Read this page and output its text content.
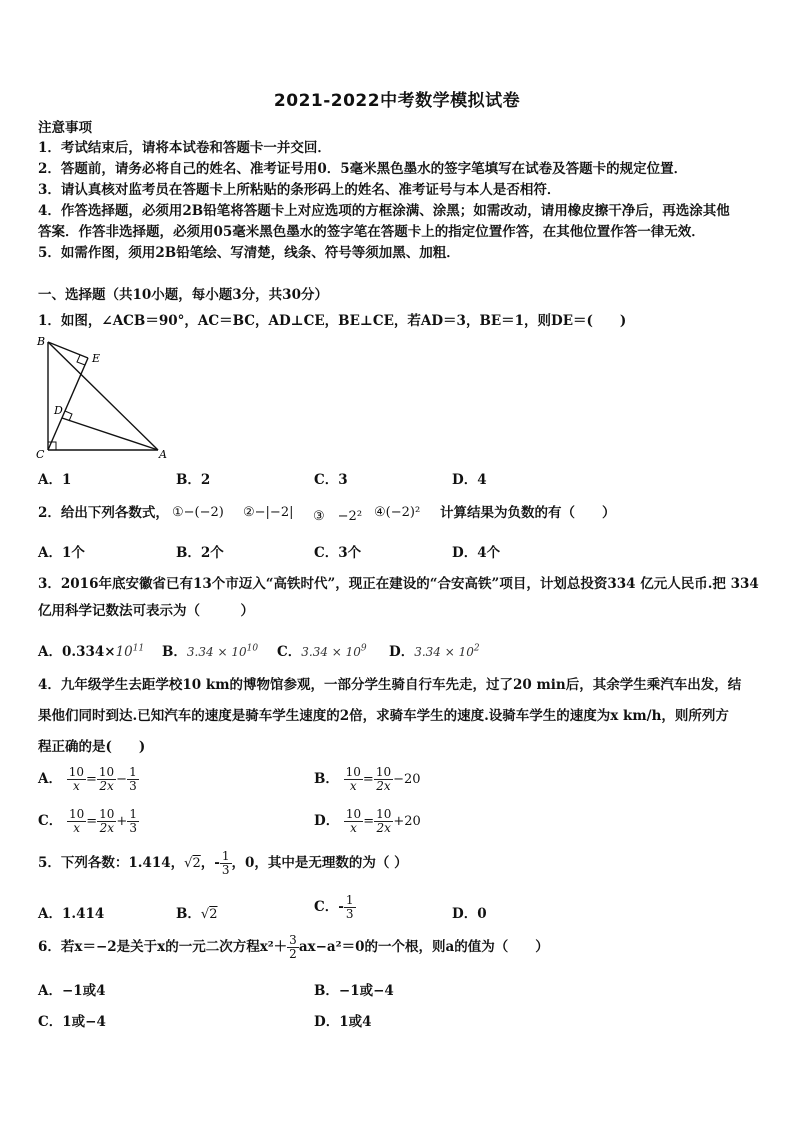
2021-2022中考数学模拟试卷
注意事项
1．考试结束后，请将本试卷和答题卡一并交回．
2．答题前，请务必将自己的姓名、准考证号用0．5毫米黑色墨水的签字笔填写在试卷及答题卡的规定位置．
3．请认真核对监考员在答题卡上所粘贴的条形码上的姓名、准考证号与本人是否相符．
4．作答选择题，必须用2B铅笔将答题卡上对应选项的方框涂满、涂黑；如需改动，请用橡皮擦干净后，再选涂其他
答案．作答非选择题，必须用05毫米黑色墨水的签字笔在答题卡上的指定位置作答，在其他位置作答一律无效．
5．如需作图，须用2B铅笔绘、写清楚，线条、符号等须加黑、加粗．
一、选择题（共10小题，每小题3分，共30分）
1．如图，∠ACB＝90°，AC＝BC，AD⊥CE，BE⊥CE，若AD＝3，BE＝1，则DE＝(　　)
B
E
D
C	A
A．1	B．2	C．3	D．4
2．给出下列各数式， ①−(−2) ②−|−2| ③　−2² ④(−2)² 计算结果为负数的有（　　）
A．1个	B．2个	C．3个	D．4个
3．2016年底安徽省已有13个市迈入“高铁时代”，现正在建设的“合安高铁”项目，计划总投资334 亿元人民币.把 334
亿用科学记数法可表示为（　　　）
A．$0.334\times 10^{11}$ B．$3.34 \times 10^{10}$ C．$3.34 \times 10^9$ D．$3.34 \times 10^2$
4．九年级学生去距学校10 km的博物馆参观，一部分学生骑自行车先走，过了20 min后，其余学生乘汽车出发，结
果他们同时到达.已知汽车的速度是骑车学生速度的2倍，求骑车学生的速度.设骑车学生的速度为x km/h，则所列方
程正确的是(　　)
A． $\frac{10}{x} = \frac{10}{2x} - \frac{1}{3}$	B． $\frac{10}{x} = \frac{10}{2x} -20$
C． $\frac{10}{x} = \frac{10}{2x} + \frac{1}{3}$	D． $\frac{10}{x} = \frac{10}{2x} +20$
5．下列各数：1.414，√2，- $\frac{1}{3}$ ，0，其中是无理数的为（ ）
A．1.414	B．√2	C．- $\frac{1}{3}$	D．0
6．若x＝−2是关于x的一元二次方程$x^2+ \frac{3}{2} ax-a^2=0$的一个根，则a的值为（　　）
A．−1或4	B．−1或−4
C．1或−4	D．1或4
